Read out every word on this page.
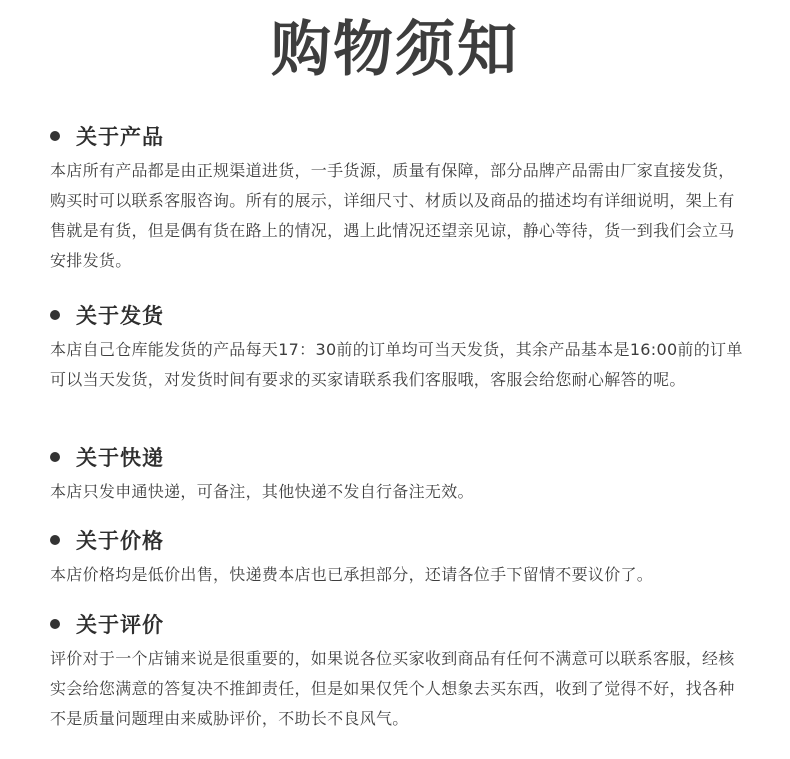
购物须知
关于产品
本店所有产品都是由正规渠道进货，一手货源，质量有保障，部分品牌产品需由厂家直接发货，购买时可以联系客服咨询。所有的展示，详细尺寸、材质以及商品的描述均有详细说明，架上有售就是有货，但是偶有货在路上的情况，遇上此情况还望亲见谅，静心等待，货一到我们会立马安排发货。
关于发货
本店自己仓库能发货的产品每天17：30前的订单均可当天发货，其余产品基本是16:00前的订单可以当天发货，对发货时间有要求的买家请联系我们客服哦，客服会给您耐心解答的呢。
关于快递
本店只发申通快递，可备注，其他快递不发自行备注无效。
关于价格
本店价格均是低价出售，快递费本店也已承担部分，还请各位手下留情不要议价了。
关于评价
评价对于一个店铺来说是很重要的，如果说各位买家收到商品有任何不满意可以联系客服，经核实会给您满意的答复决不推卸责任，但是如果仅凭个人想象去买东西，收到了觉得不好，找各种不是质量问题理由来威胁评价，不助长不良风气。
